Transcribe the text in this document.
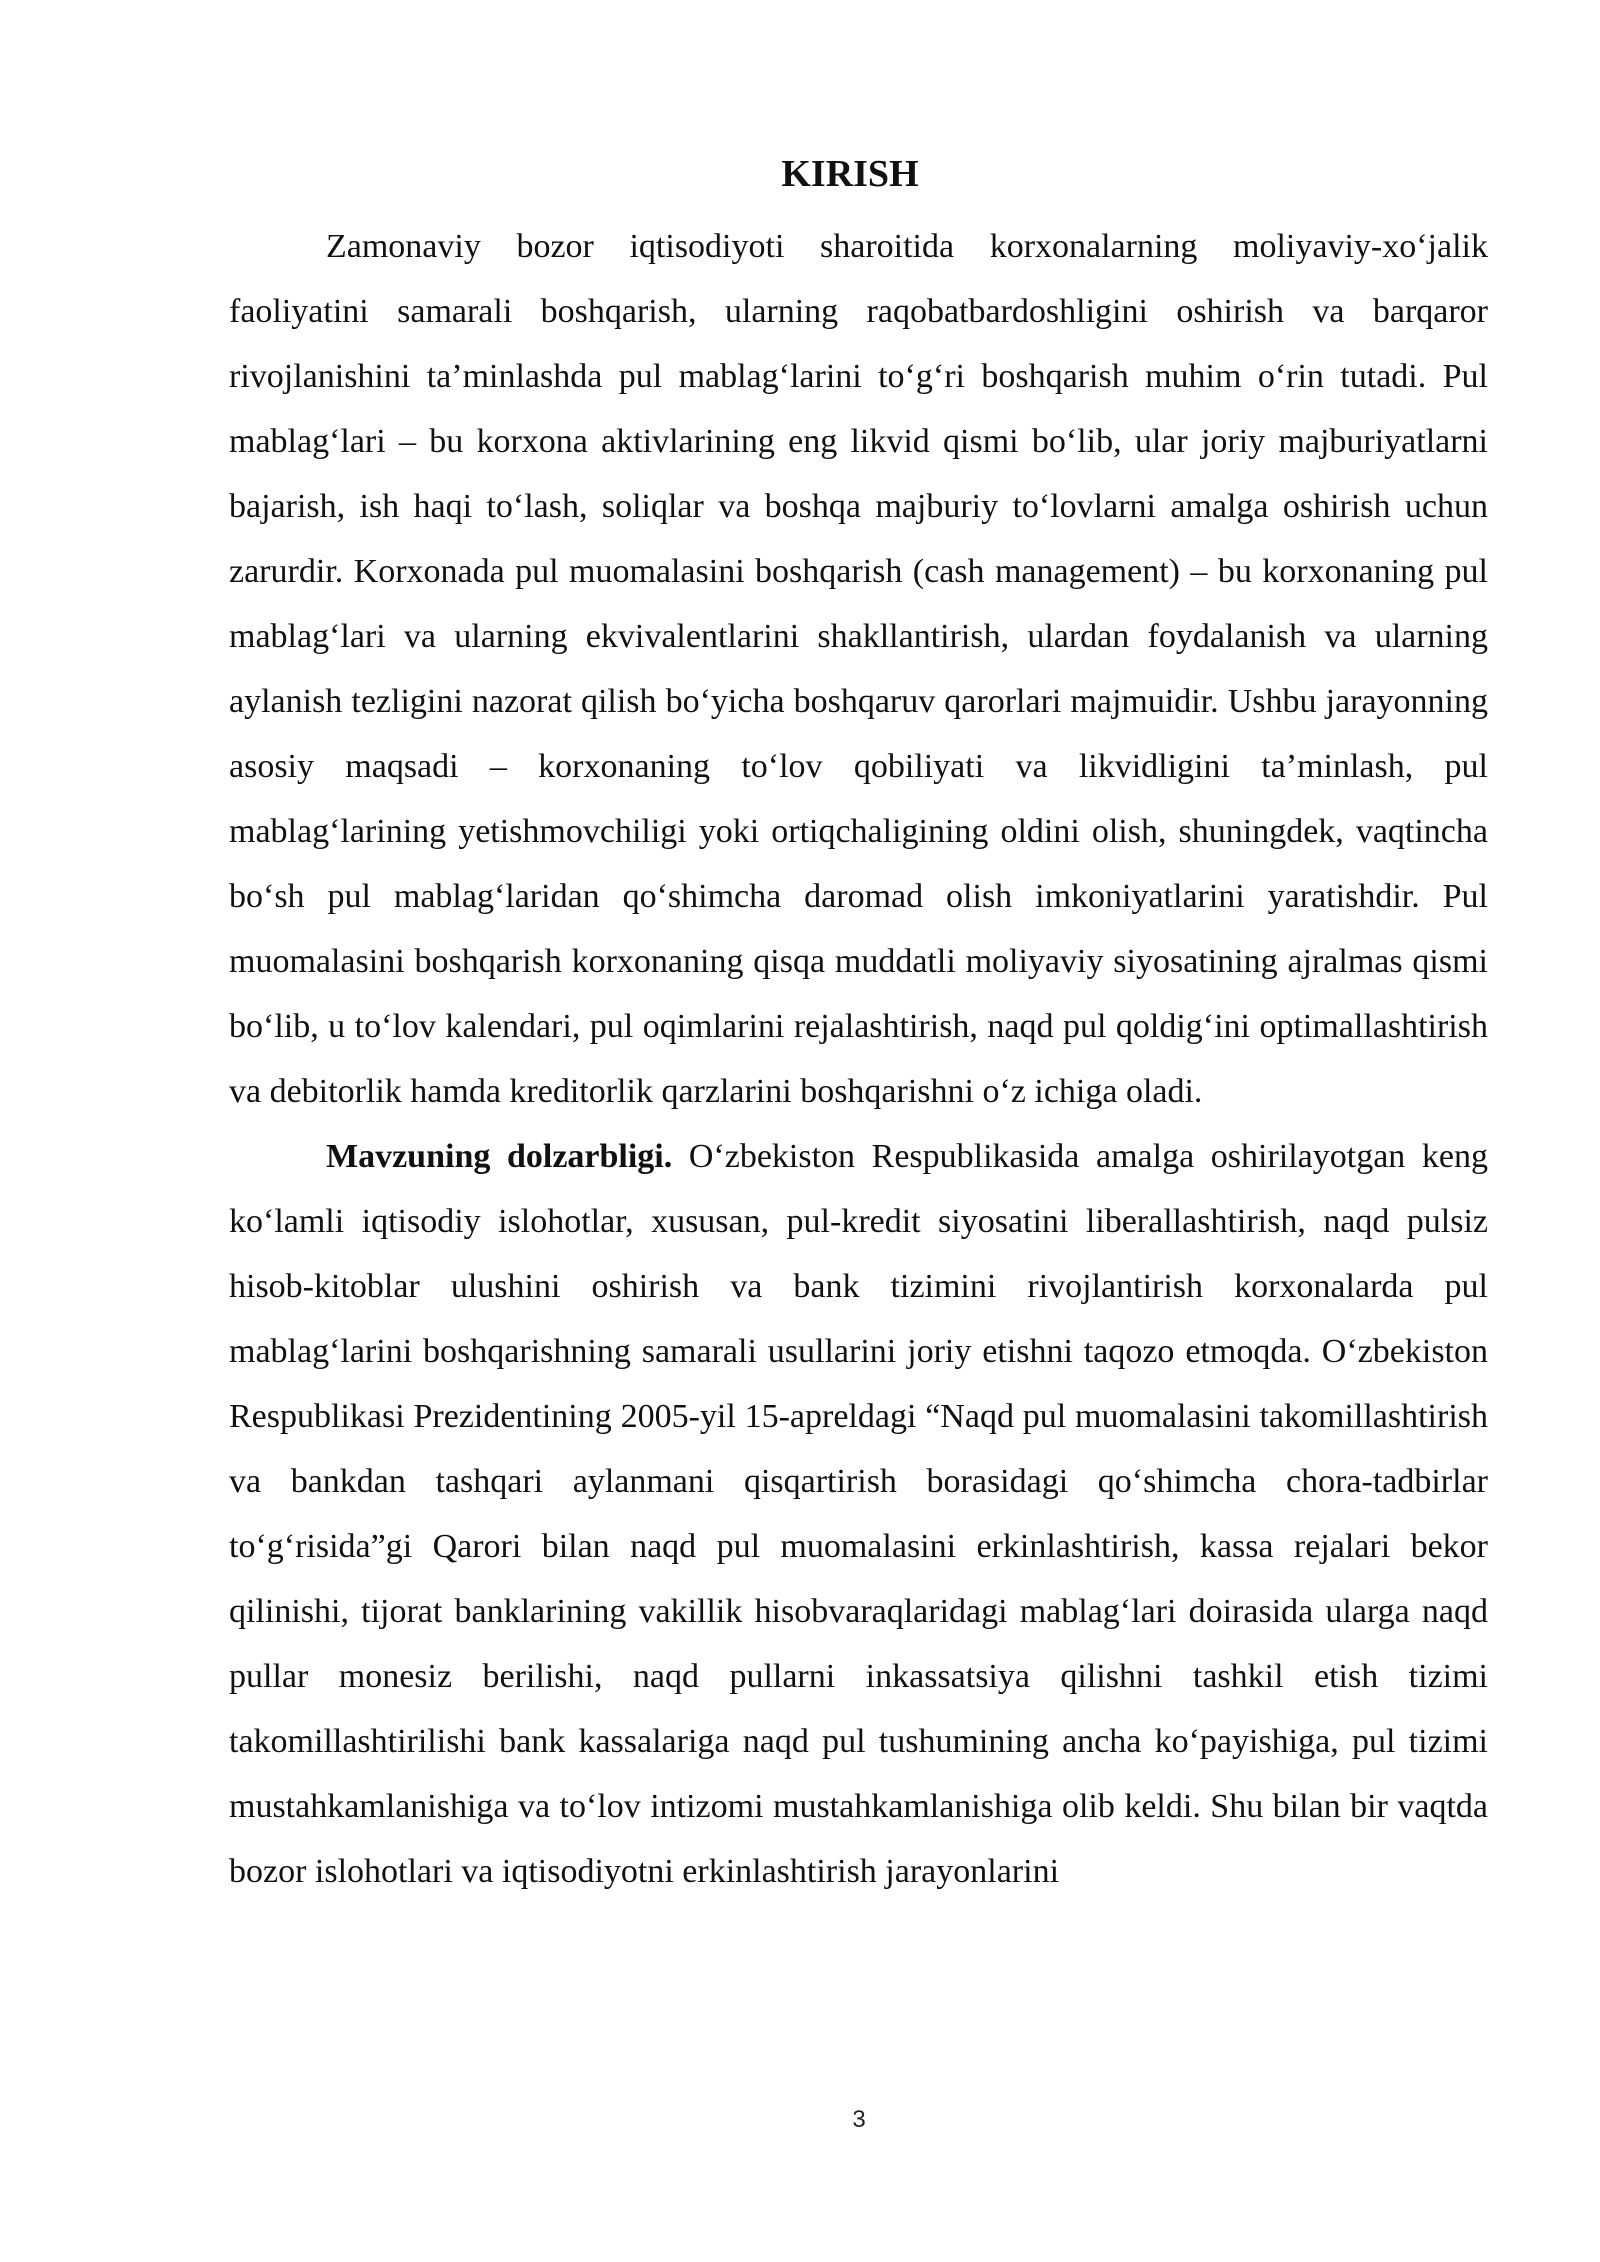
KIRISH

Zamonaviy bozor iqtisodiyoti sharoitida korxonalarning moliyaviy-xo‘jalik faoliyatini samarali boshqarish, ularning raqobatbardoshligini oshirish va barqaror rivojlanishini ta’minlashda pul mablag‘larini to‘g‘ri boshqarish muhim o‘rin tutadi. Pul mablag‘lari – bu korxona aktivlarining eng likvid qismi bo‘lib, ular joriy majburiyatlarni bajarish, ish haqi to‘lash, soliqlar va boshqa majburiy to‘lovlarni amalga oshirish uchun zarurdir. Korxonada pul muomalasini boshqarish (cash management) – bu korxonaning pul mablag‘lari va ularning ekvivalentlarini shakllantirish, ulardan foydalanish va ularning aylanish tezligini nazorat qilish bo‘yicha boshqaruv qarorlari majmuidir. Ushbu jarayonning asosiy maqsadi – korxonaning to‘lov qobiliyati va likvidligini ta’minlash, pul mablag‘larining yetishmovchiligi yoki ortiqchaligining oldini olish, shuningdek, vaqtincha bo‘sh pul mablag‘laridan qo‘shimcha daromad olish imkoniyatlarini yaratishdir. Pul muomalasini boshqarish korxonaning qisqa muddatli moliyaviy siyosatining ajralmas qismi bo‘lib, u to‘lov kalendari, pul oqimlarini rejalashtirish, naqd pul qoldig‘ini optimallashtirish va debitorlik hamda kreditorlik qarzlarini boshqarishni o‘z ichiga oladi.

Mavzuning dolzarbligi. O‘zbekiston Respublikasida amalga oshirilayotgan keng ko‘lamli iqtisodiy islohotlar, xususan, pul-kredit siyosatini liberallashtirish, naqd pulsiz hisob-kitoblar ulushini oshirish va bank tizimini rivojlantirish korxonalarda pul mablag‘larini boshqarishning samarali usullarini joriy etishni taqozo etmoqda. O‘zbekiston Respublikasi Prezidentining 2005-yil 15-apreldagi “Naqd pul muomalasini takomillashtirish va bankdan tashqari aylanmani qisqartirish borasidagi qo‘shimcha chora-tadbirlar to‘g‘risida”gi Qarori bilan naqd pul muomalasini erkinlashtirish, kassa rejalari bekor qilinishi, tijorat banklarining vakillik hisobvaraqlaridagi mablag‘lari doirasida ularga naqd pullar monesiz berilishi, naqd pullarni inkassatsiya qilishni tashkil etish tizimi takomillashtirilishi bank kassalariga naqd pul tushumining ancha ko‘payishiga, pul tizimi mustahkamlanishiga va to‘lov intizomi mustahkamlanishiga olib keldi. Shu bilan bir vaqtda bozor islohotlari va iqtisodiyotni erkinlashtirish jarayonlarini

3
